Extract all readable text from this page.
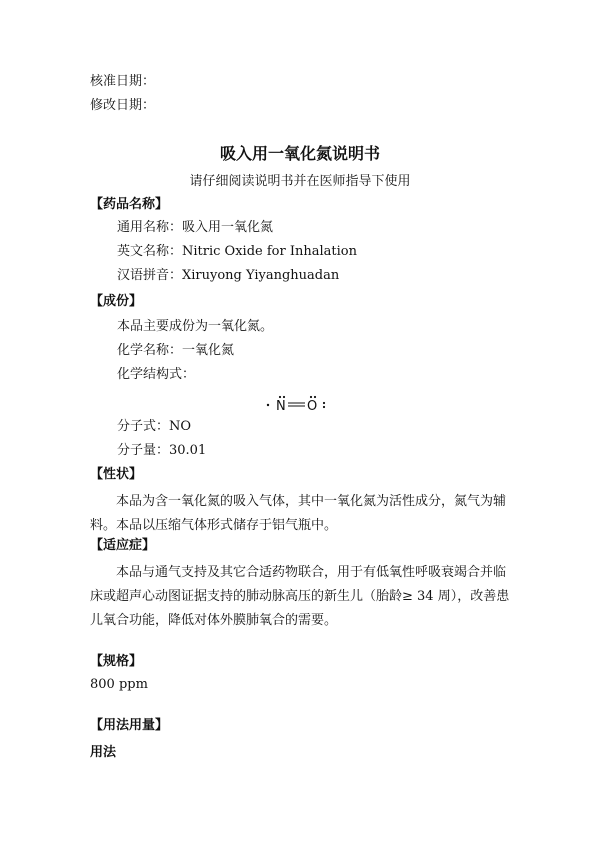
核准日期：
修改日期：
吸入用一氧化氮说明书
请仔细阅读说明书并在医师指导下使用
【药品名称】
通用名称：吸入用一氧化氮
英文名称：Nitric Oxide for Inhalation
汉语拼音：Xiruyong Yiyanghuadan
【成份】
本品主要成份为一氧化氮。
化学名称：一氧化氮
化学结构式：
N O
分子式：NO
分子量：30.01
【性状】
本品为含一氧化氮的吸入气体，其中一氧化氮为活性成分，氮气为辅料。本品以压缩气体形式储存于铝气瓶中。
【适应症】
本品与通气支持及其它合适药物联合，用于有低氧性呼吸衰竭合并临床或超声心动图证据支持的肺动脉高压的新生儿（胎龄≥ 34 周），改善患儿氧合功能，降低对体外膜肺氧合的需要。
【规格】
800 ppm
【用法用量】
用法
